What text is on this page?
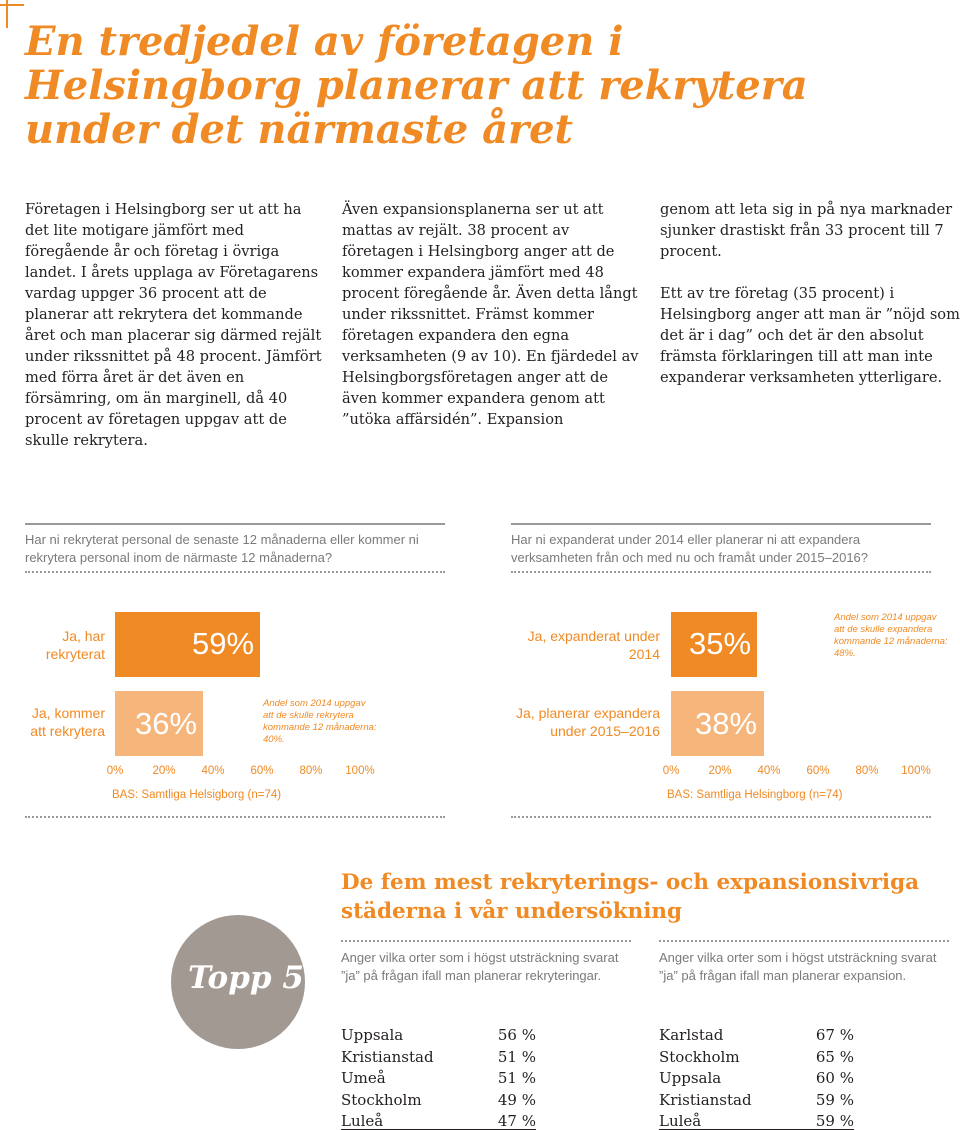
En tredjedel av företagen i Helsingborg planerar att rekrytera under det närmaste året

Företagen i Helsingborg ser ut att ha det lite motigare jämfört med föregående år och företag i övriga landet. I årets upplaga av Företagarens vardag uppger 36 procent att de planerar att rekrytera det kommande året och man placerar sig därmed rejält under rikssnittet på 48 procent. Jämfört med förra året är det även en försämring, om än marginell, då 40 procent av företagen uppgav att de skulle rekrytera.

Även expansionsplanerna ser ut att mattas av rejält. 38 procent av företagen i Helsingborg anger att de kommer expandera jämfört med 48 procent föregående år. Även detta långt under rikssnittet. Främst kommer företagen expandera den egna verksamheten (9 av 10). En fjärdedel av Helsingborgsföretagen anger att de även kommer expandera genom att ”utöka affärsidén”. Expansion

genom att leta sig in på nya marknader sjunker drastiskt från 33 procent till 7 procent.

Ett av tre företag (35 procent) i Helsingborg anger att man är ”nöjd som det är i dag” och det är den absolut främsta förklaringen till att man inte expanderar verksamheten ytterligare.

Har ni rekryterat personal de senaste 12 månaderna eller kommer ni rekrytera personal inom de närmaste 12 månaderna?
Ja, har rekryterat	59%
Ja, kommer att rekrytera 36%
Andel som 2014 uppgav att de skulle rekrytera kommande 12 månaderna: 40%.
0%	20% 40% 60% 80% 100%
BAS: Samtliga Helsigborg (n=74)
Har ni expanderat under 2014 eller planerar ni att expandera verksamheten från och med nu och framåt under 2015–2016?
Ja, expanderat under 2014 35%
Andel som 2014 uppgav att de skulle expandera kommande 12 månaderna: 48%.
Ja, planerar expandera under 2015–2016 38%
0%	20% 40% 60% 80% 100%
BAS: Samtliga Helsingborg (n=74)
Topp 5
De fem mest rekryterings- och expansionsivriga städerna i vår undersökning
Anger vilka orter som i högst utsträckning svarat ”ja” på frågan ifall man planerar rekryteringar.
Anger vilka orter som i högst utsträckning svarat ”ja” på frågan ifall man planerar expansion.
Uppsala	56 %
Kristianstad	51 %
Umeå	51 %
Stockholm	49 %
Luleå	47 %
Karlstad	67 %
Stockholm	65 %
Uppsala	60 %
Kristianstad	59 %
Luleå	59 %
